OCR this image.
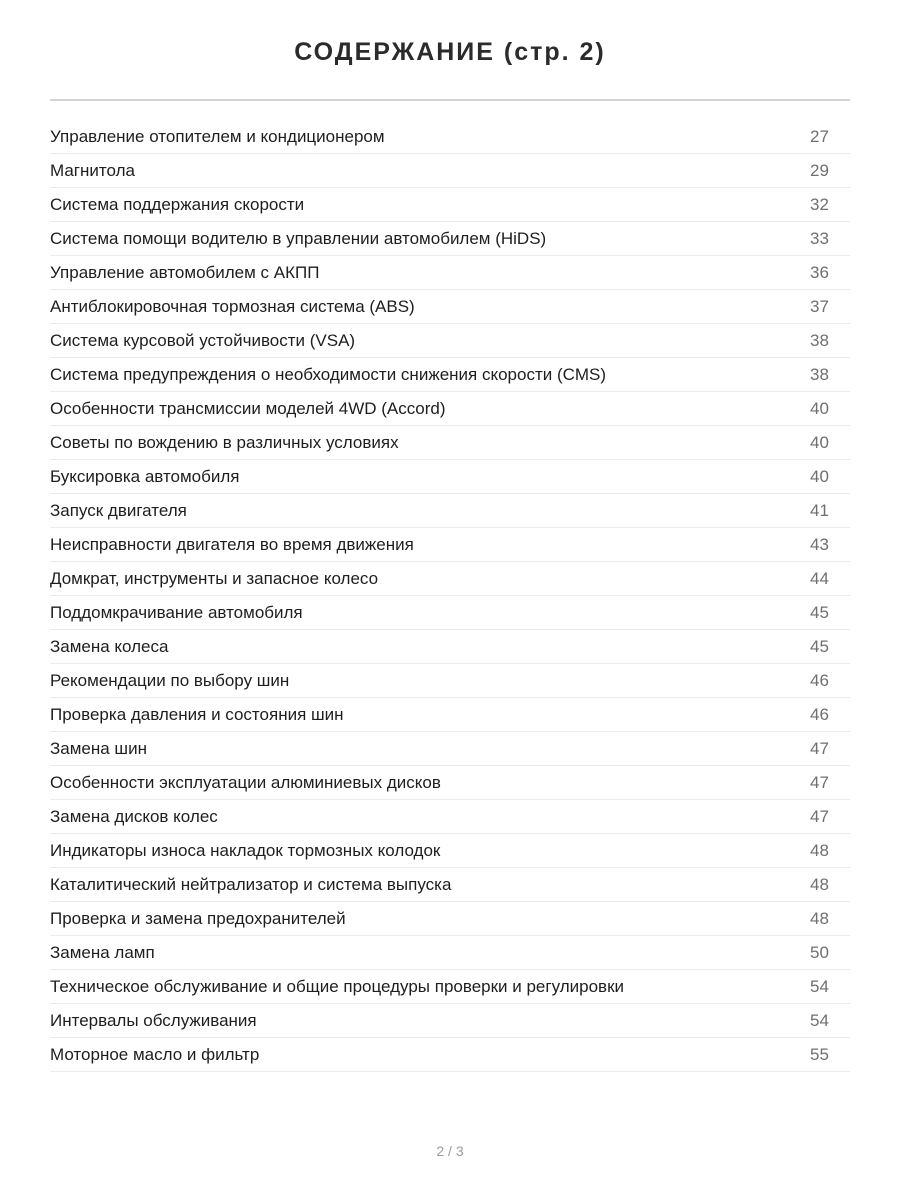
СОДЕРЖАНИЕ (стр. 2)
Управление отопителем и кондиционером	27
Магнитола	29
Система поддержания скорости	32
Система помощи водителю в управлении автомобилем (HiDS)	33
Управление автомобилем с АКПП	36
Антиблокировочная тормозная система (ABS)	37
Система курсовой устойчивости (VSA)	38
Система предупреждения о необходимости снижения скорости (CMS)	38
Особенности трансмиссии моделей 4WD (Accord)	40
Советы по вождению в различных условиях	40
Буксировка автомобиля	40
Запуск двигателя	41
Неисправности двигателя во время движения	43
Домкрат, инструменты и запасное колесо	44
Поддомкрачивание автомобиля	45
Замена колеса	45
Рекомендации по выбору шин	46
Проверка давления и состояния шин	46
Замена шин	47
Особенности эксплуатации алюминиевых дисков	47
Замена дисков колес	47
Индикаторы износа накладок тормозных колодок	48
Каталитический нейтрализатор и система выпуска	48
Проверка и замена предохранителей	48
Замена ламп	50
Техническое обслуживание и общие процедуры проверки и регулировки	54
Интервалы обслуживания	54
Моторное масло и фильтр	55
2 / 3
